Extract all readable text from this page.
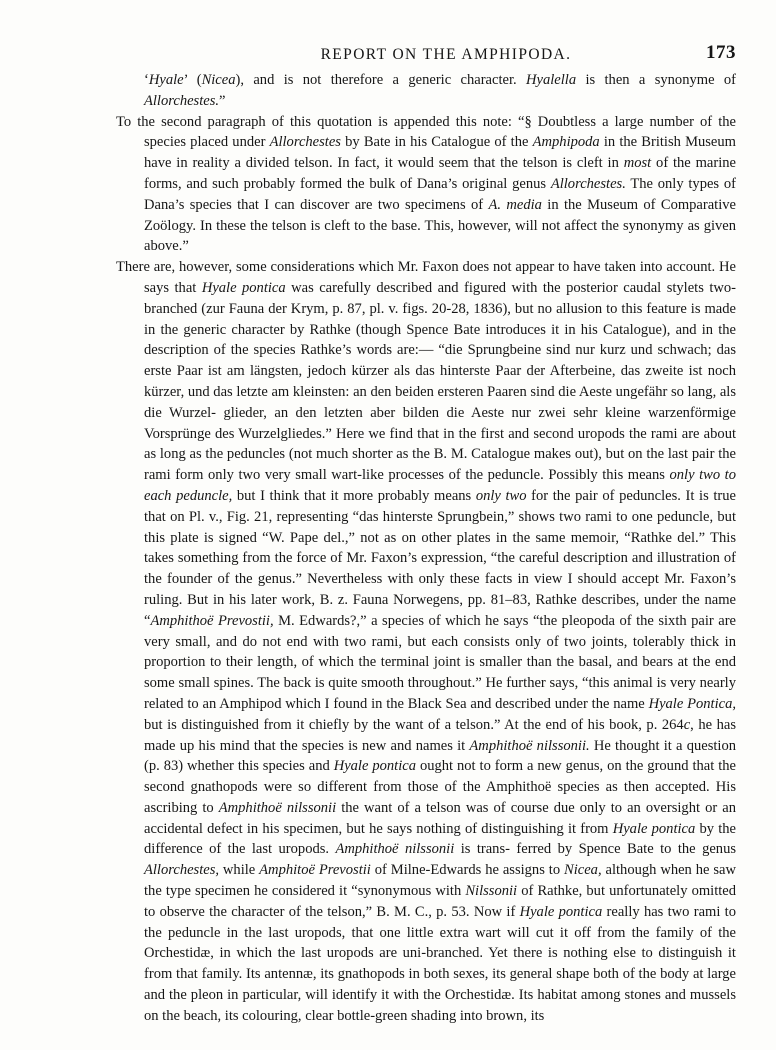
REPORT ON THE AMPHIPODA.	173

‘Hyale’ (Nicea), and is not therefore a generic character. Hyalella is then a synonyme of Allorchestes.”

To the second paragraph of this quotation is appended this note: “§ Doubtless a large number of the species placed under Allorchestes by Bate in his Catalogue of the Amphipoda in the British Museum have in reality a divided telson. In fact, it would seem that the telson is cleft in most of the marine forms, and such probably formed the bulk of Dana’s original genus Allorchestes. The only types of Dana’s species that I can discover are two specimens of A. media in the Museum of Comparative Zoölogy. In these the telson is cleft to the base. This, however, will not affect the synonymy as given above.”

There are, however, some considerations which Mr. Faxon does not appear to have taken into account. He says that Hyale pontica was carefully described and figured with the posterior caudal stylets two-branched (zur Fauna der Krym, p. 87, pl. v. figs. 20-28, 1836), but no allusion to this feature is made in the generic character by Rathke (though Spence Bate introduces it in his Catalogue), and in the description of the species Rathke’s words are:— “die Sprungbeine sind nur kurz und schwach; das erste Paar ist am längsten, jedoch kürzer als das hinterste Paar der Afterbeine, das zweite ist noch kürzer, und das letzte am kleinsten: an den beiden ersteren Paaren sind die Aeste ungefähr so lang, als die Wurzel- glieder, an den letzten aber bilden die Aeste nur zwei sehr kleine warzenförmige Vorsprünge des Wurzelgliedes.” Here we find that in the first and second uropods the rami are about as long as the peduncles (not much shorter as the B. M. Catalogue makes out), but on the last pair the rami form only two very small wart-like processes of the peduncle. Possibly this means only two to each peduncle, but I think that it more probably means only two for the pair of peduncles. It is true that on Pl. v., Fig. 21, representing “das hinterste Sprungbein,” shows two rami to one peduncle, but this plate is signed “W. Pape del.,” not as on other plates in the same memoir, “Rathke del.” This takes something from the force of Mr. Faxon’s expression, “the careful description and illustration of the founder of the genus.” Nevertheless with only these facts in view I should accept Mr. Faxon’s ruling. But in his later work, B. z. Fauna Norwegens, pp. 81–83, Rathke describes, under the name “Amphithoë Prevostii, M. Edwards?,” a species of which he says “the pleopoda of the sixth pair are very small, and do not end with two rami, but each consists only of two joints, tolerably thick in proportion to their length, of which the terminal joint is smaller than the basal, and bears at the end some small spines. The back is quite smooth throughout.” He further says, “this animal is very nearly related to an Amphipod which I found in the Black Sea and described under the name Hyale Pontica, but is distinguished from it chiefly by the want of a telson.” At the end of his book, p. 264c, he has made up his mind that the species is new and names it Amphithoë nilssonii. He thought it a question (p. 83) whether this species and Hyale pontica ought not to form a new genus, on the ground that the second gnathopods were so different from those of the Amphithoë species as then accepted. His ascribing to Amphithoë nilssonii the want of a telson was of course due only to an oversight or an accidental defect in his specimen, but he says nothing of distinguishing it from Hyale pontica by the difference of the last uropods. Amphithoë nilssonii is trans- ferred by Spence Bate to the genus Allorchestes, while Amphitoë Prevostii of Milne-Edwards he assigns to Nicea, although when he saw the type specimen he considered it “synonymous with Nilssonii of Rathke, but unfortunately omitted to observe the character of the telson,” B. M. C., p. 53. Now if Hyale pontica really has two rami to the peduncle in the last uropods, that one little extra wart will cut it off from the family of the Orchestidæ, in which the last uropods are uni-branched. Yet there is nothing else to distinguish it from that family. Its antennæ, its gnathopods in both sexes, its general shape both of the body at large and the pleon in particular, will identify it with the Orchestidæ. Its habitat among stones and mussels on the beach, its colouring, clear bottle-green shading into brown, its
